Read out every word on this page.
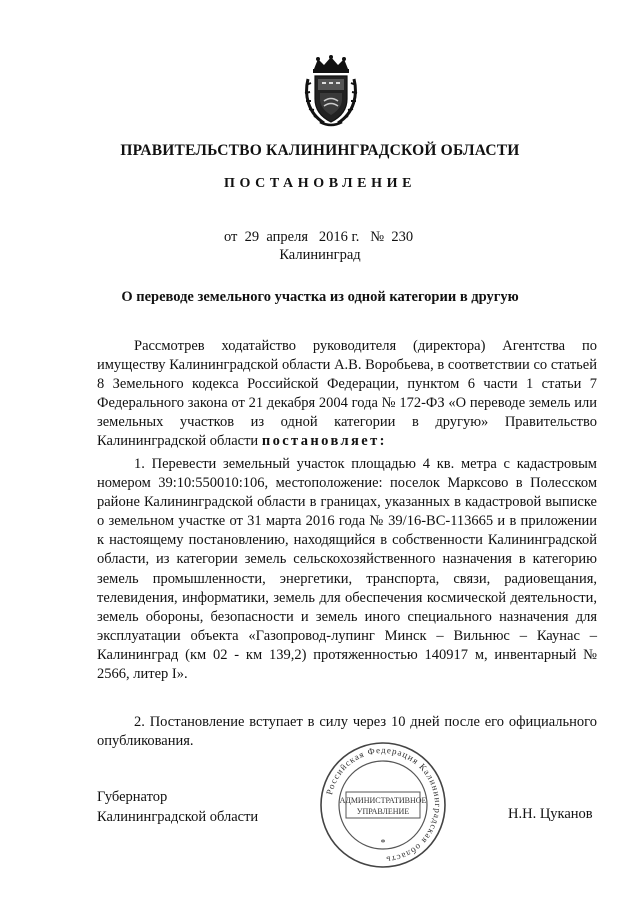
ПРАВИТЕЛЬСТВО КАЛИНИНГРАДСКОЙ ОБЛАСТИ
ПОСТАНОВЛЕНИЕ
от  29  апреля   2016 г.   №  230
Калининград
О переводе земельного участка из одной категории в другую
Рассмотрев ходатайство руководителя (директора) Агентства по имуществу Калининградской области А.В. Воробьева, в соответствии со статьей 8 Земельного кодекса Российской Федерации, пунктом 6 части 1 статьи 7 Федерального закона от 21 декабря 2004 года № 172-ФЗ «О переводе земель или земельных участков из одной категории в другую» Правительство Калининградской области постановляет:
1. Перевести земельный участок площадью 4 кв. метра с кадастровым номером 39:10:550010:106, местоположение: поселок Марксово в Полесском районе Калининградской области в границах, указанных в кадастровой выписке о земельном участке от 31 марта 2016 года № 39/16-ВС-113665 и в приложении к настоящему постановлению, находящийся в собственности Калининградской области, из категории земель сельскохозяйственного назначения в категорию земель промышленности, энергетики, транспорта, связи, радиовещания, телевидения, информатики, земель для обеспечения космической деятельности, земель обороны, безопасности и земель иного специального назначения для эксплуатации объекта «Газопровод-лупинг Минск – Вильнюс – Каунас – Калининград (км 02 - км 139,2) протяженностью 140917 м, инвентарный № 2566, литер I».
2. Постановление вступает в силу через 10 дней после его официального опубликования.
Губернатор
Калининградской области	Н.Н. Цуканов
Российская Федерация Калининградская область
АДМИНИСТРАТИВНОЕ
УПРАВЛЕНИЕ
*
